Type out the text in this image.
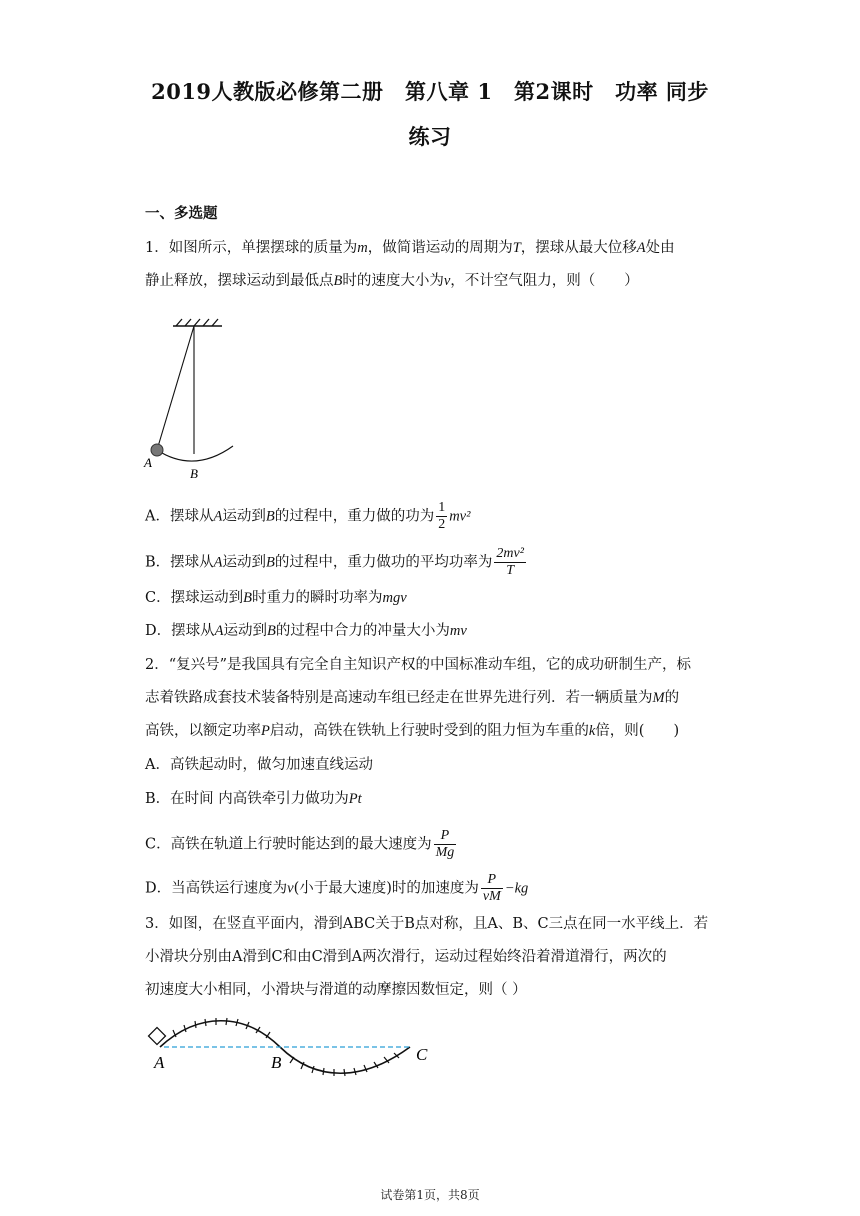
2019人教版必修第二册　第八章 1　第2课时　功率 同步
练习
一、多选题
1．如图所示，单摆摆球的质量为m，做简谐运动的周期为T，摆球从最大位移A处由
静止释放，摆球运动到最低点B时的速度大小为v，不计空气阻力，则（　　）
A
B
A．摆球从A运动到B的过程中，重力做的功为 $\frac{1}{2} mv^2$
B．摆球从A运动到B的过程中，重力做功的平均功率为 $\frac{\text{2mv²}}{T}$
C．摆球运动到B时重力的瞬时功率为mgv
D．摆球从A运动到B的过程中合力的冲量大小为mv
2．“复兴号”是我国具有完全自主知识产权的中国标准动车组，它的成功研制生产，标
志着铁路成套技术装备特别是高速动车组已经走在世界先进行列．若一辆质量为M的
高铁，以额定功率P启动，高铁在铁轨上行驶时受到的阻力恒为车重的k倍，则(　　)
A．高铁起动时，做匀加速直线运动
B．在时间 内高铁牵引力做功为Pt
C．高铁在轨道上行驶时能达到的最大速度为 $\frac{P}{Mg}$
D．当高铁运行速度为v(小于最大速度)时的加速度为 $\frac{P}{vM} -kg$
3．如图，在竖直平面内，滑到ABC关于B点对称，且A、B、C三点在同一水平线上．若
小滑块分别由A滑到C和由C滑到A两次滑行，运动过程始终沿着滑道滑行，两次的
初速度大小相同，小滑块与滑道的动摩擦因数恒定，则（ ）
A	B	C
试卷第1页，共8页
